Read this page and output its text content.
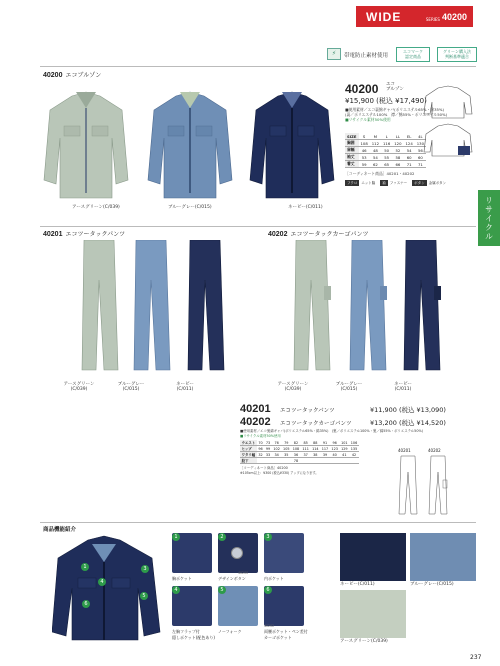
WIDE	SERIES 40200
⚡	帯電防止素材使用
エコマーク
認定商品
グリーン購入法
判断基準適合
リサイクル
40200 エコブルゾン
アースグリーン(C/039)	ブルーグレー(C/015)	ネービー(C/011)
40200 エコ
ブルゾン
¥15,900 (税込 ¥17,490)
■使用素材／エコ裏綿ギャバ(ポリエステル65%・綿35%)
(裏／ポリエステル100%　襟／綿55%・ポリエステル50%)
■リサイクル素材50%使用
SIZE	S	M	L	LL	EL	4L
胸囲	108	112	116	120	124	130
肩幅	46	48	50	52	54	56
袖丈	53	54	55	58	60	60
着丈	59	62	65	66	71	71
［コーディネート商品］40201・40202
フクロ	ニット脇	袖	ファスナー	ボタン	金属ボタン
40201 エコツータックパンツ	40202 エコツータックカーゴパンツ
アースグリーン
(C/039)
ブルーグレー
(C/015)
ネービー
(C/011)
アースグリーン
(C/039)
ブルーグレー
(C/015)
ネービー
(C/011)
40201	エコツータックパンツ	¥11,900 (税込 ¥13,090)
40202	エコツータックカーゴパンツ	¥13,200 (税込 ¥14,520)
■使用素材／エコ裏綿ギャバ(ポリエステル65%・綿35%)　(裏／ポリエステル100%・裏／綿55%・ポリエステル50%)
■リサイクル素材50%使用
ウエスト	70	73	76	79	82	85	88	91	96	101	106
ヒップ	96	99	102	105	108	111	114	117	123	129	135
ワタリ幅	32	33	34	35	36	37	38	39	40	41	42
股下					78						
［コーディネート商品］40200
※105cm以上：¥300 (税込¥330) アップになります。
40201	40202
商品機能紹介
1
4
3
5
6
1
胸ポケット
2
デザインボタン
40200
3
内ポケット
4
左胸フラップ付
隠しポケット(配色あり)
5
ノーフォーク
6
両腰ポケット・ペン差付
カーゴポケット
40202
ネービー(C/011)	ブルーグレー(C/015)
アースグリーン(C/039)
237
